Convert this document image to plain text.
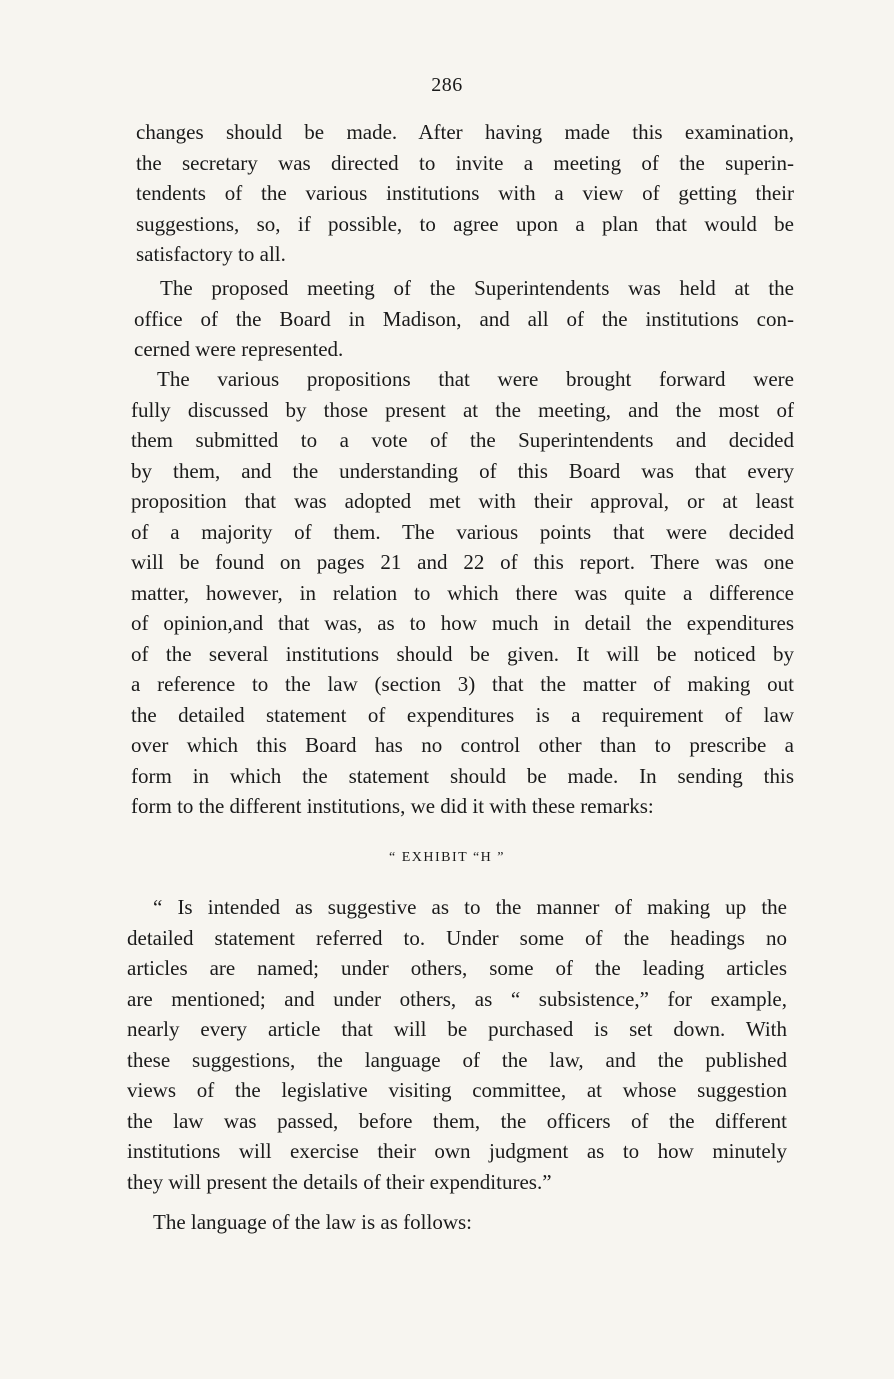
286
changes should be made. After having made this examination,
the secretary was directed to invite a meeting of the superin-
tendents of the various institutions with a view of getting their
suggestions, so, if possible, to agree upon a plan that would be
satisfactory to all.
The proposed meeting of the Superintendents was held at the
office of the Board in Madison, and all of the institutions con-
cerned were represented.
The various propositions that were brought forward were
fully discussed by those present at the meeting, and the most of
them submitted to a vote of the Superintendents and decided
by them, and the understanding of this Board was that every
proposition that was adopted met with their approval, or at least
of a majority of them. The various points that were decided
will be found on pages 21 and 22 of this report. There was one
matter, however, in relation to which there was quite a difference
of opinion,and that was, as to how much in detail the expenditures
of the several institutions should be given. It will be noticed by
a reference to the law (section 3) that the matter of making out
the detailed statement of expenditures is a requirement of law
over which this Board has no control other than to prescribe a
form in which the statement should be made. In sending this
form to the different institutions, we did it with these remarks:
“ EXHIBIT “H ”
“ Is intended as suggestive as to the manner of making up the
detailed statement referred to. Under some of the headings no
articles are named; under others, some of the leading articles
are mentioned; and under others, as “ subsistence,” for example,
nearly every article that will be purchased is set down. With
these suggestions, the language of the law, and the published
views of the legislative visiting committee, at whose suggestion
the law was passed, before them, the officers of the different
institutions will exercise their own judgment as to how minutely
they will present the details of their expenditures.”
The language of the law is as follows:
